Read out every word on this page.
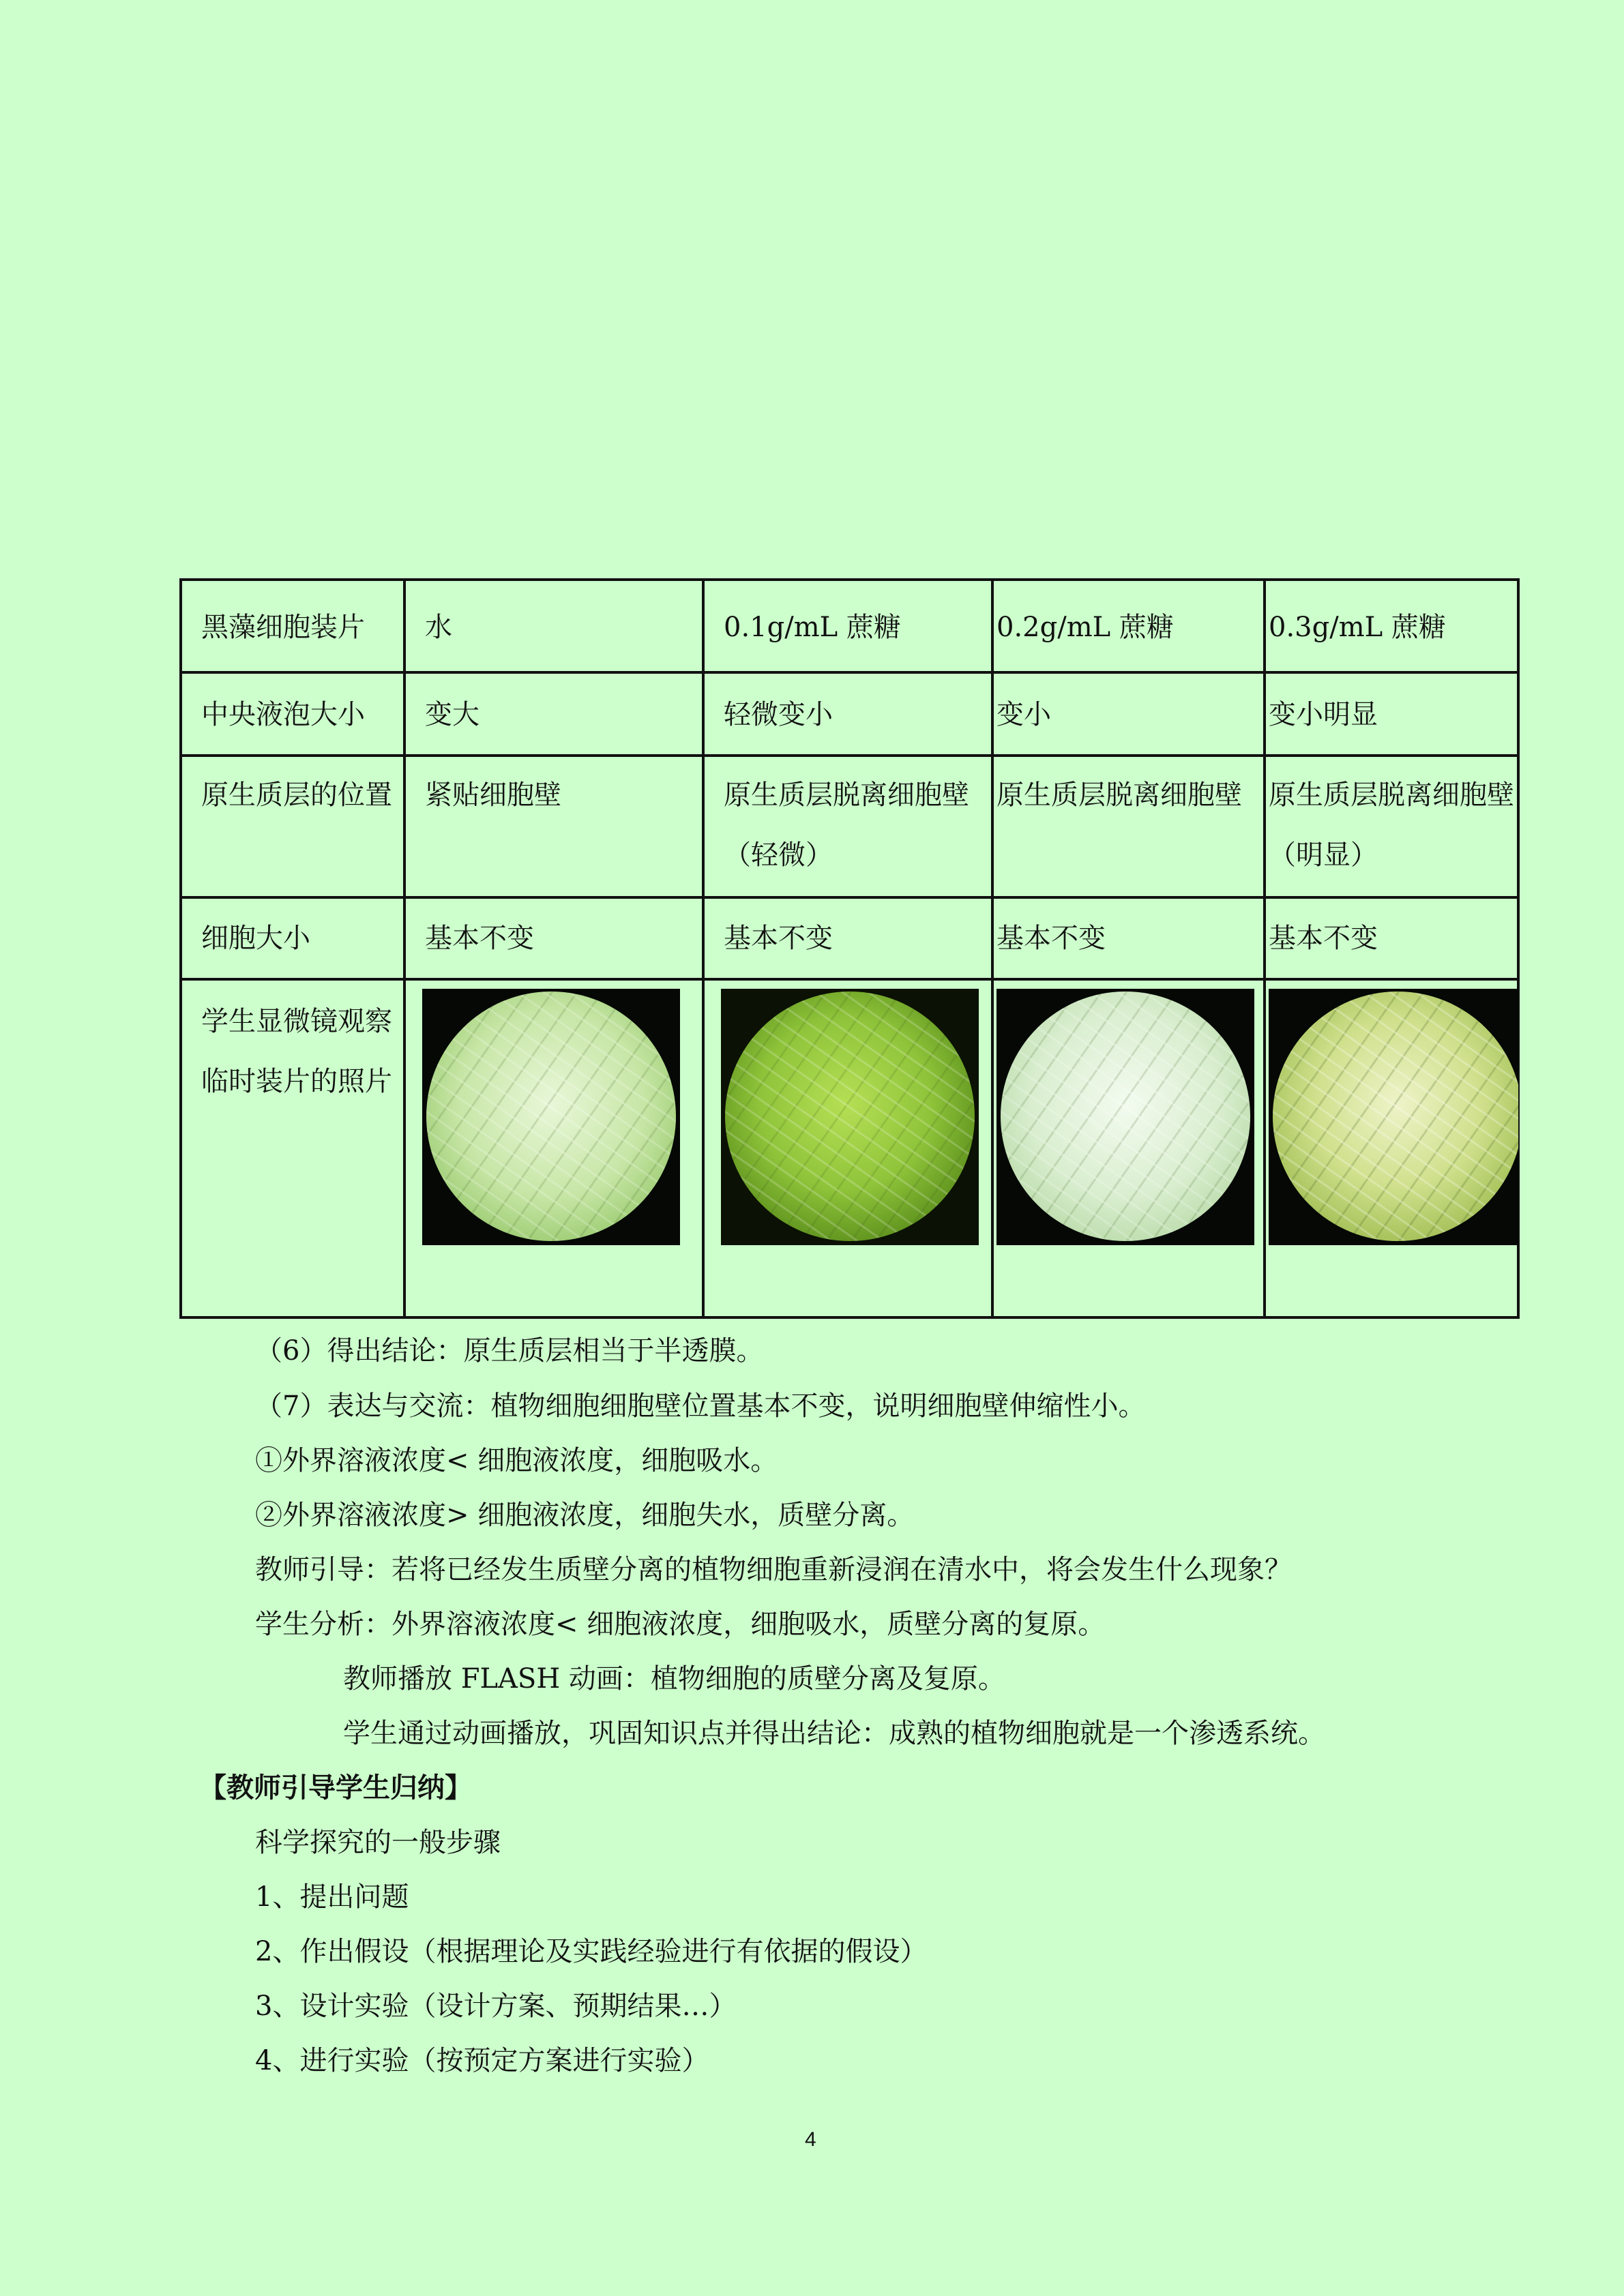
黑藻细胞装片	水	0.1g/mL 蔗糖	0.2g/mL 蔗糖	0.3g/mL 蔗糖
中央液泡大小	变大	轻微变小	变小	变小明显
原生质层的位置	紧贴细胞壁	原生质层脱离细胞壁（轻微）	原生质层脱离细胞壁	原生质层脱离细胞壁（明显）
细胞大小	基本不变	基本不变	基本不变	基本不变
学生显微镜观察临时装片的照片	

（6）得出结论：原生质层相当于半透膜。
（7）表达与交流：植物细胞细胞壁位置基本不变，说明细胞壁伸缩性小。
①外界溶液浓度< 细胞液浓度，细胞吸水。
②外界溶液浓度> 细胞液浓度，细胞失水，质壁分离。
教师引导：若将已经发生质壁分离的植物细胞重新浸润在清水中，将会发生什么现象？
学生分析：外界溶液浓度< 细胞液浓度，细胞吸水，质壁分离的复原。
教师播放 FLASH 动画：植物细胞的质壁分离及复原。
学生通过动画播放，巩固知识点并得出结论：成熟的植物细胞就是一个渗透系统。
【教师引导学生归纳】
科学探究的一般步骤
1、提出问题
2、作出假设（根据理论及实践经验进行有依据的假设）
3、设计实验（设计方案、预期结果…）
4、进行实验（按预定方案进行实验）
4
